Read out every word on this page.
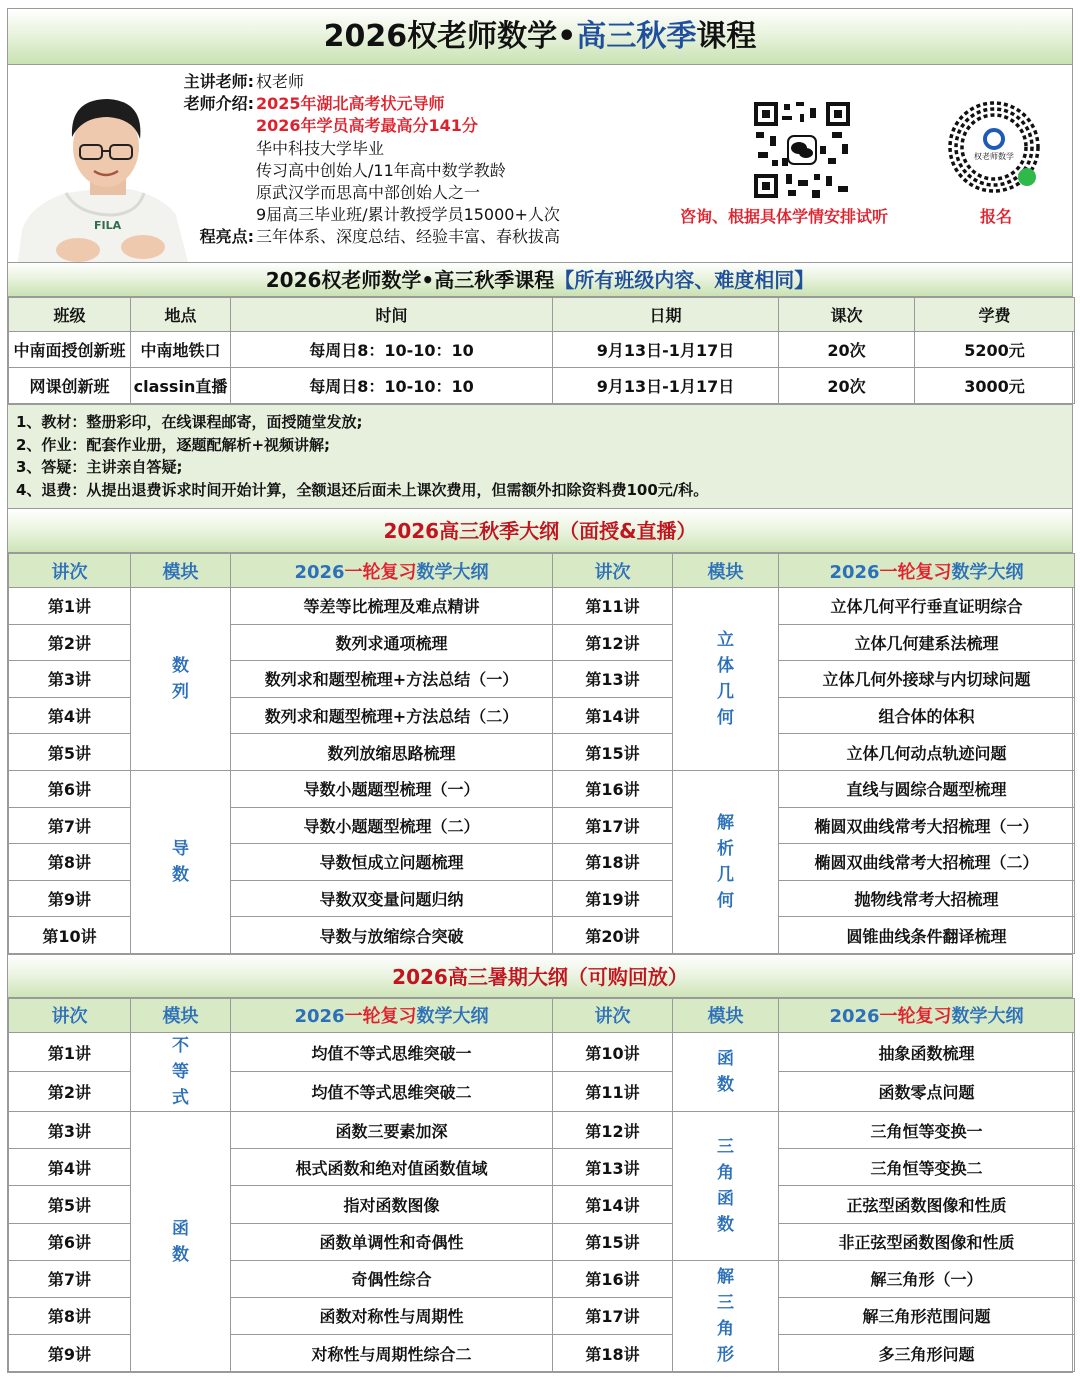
2026权老师数学•高三秋季课程
FILA
主讲老师: 权老师
老师介绍: 2025年湖北高考状元导师
2026年学员高考最高分141分
华中科技大学毕业
传习高中创始人/11年高中数学教龄
原武汉学而思高中部创始人之一
9届高三毕业班/累计教授学员15000+人次
程亮点: 三年体系、深度总结、经验丰富、春秋拔高
咨询、根据具体学情安排试听
权老师数学
报名
2026权老师数学•高三秋季课程【所有班级内容、难度相同】
班级	地点	时间	日期	课次	学费
中南面授创新班	中南地铁口	每周日8：10-10：10	9月13日-1月17日	20次	5200元
网课创新班	classin直播	每周日8：10-10：10	9月13日-1月17日	20次	3000元
1、教材：整册彩印，在线课程邮寄，面授随堂发放;
2、作业：配套作业册，逐题配解析+视频讲解;
3、答疑：主讲亲自答疑;
4、退费：从提出退费诉求时间开始计算，全额退还后面未上课次费用，但需额外扣除资料费100元/科。
2026高三秋季大纲（面授&直播）
讲次	模块	2026一轮复习数学大纲	讲次	模块	2026一轮复习数学大纲
第1讲	数列	等差等比梳理及难点精讲	第11讲	立体几何	立体几何平行垂直证明综合
第2讲		数列求通项梳理	第12讲		立体几何建系法梳理
第3讲		数列求和题型梳理+方法总结（一）	第13讲		立体几何外接球与内切球问题
第4讲		数列求和题型梳理+方法总结（二）	第14讲		组合体的体积
第5讲		数列放缩思路梳理	第15讲		立体几何动点轨迹问题
第6讲	导数	导数小题题型梳理（一）	第16讲	解析几何	直线与圆综合题型梳理
第7讲		导数小题题型梳理（二）	第17讲		椭圆双曲线常考大招梳理（一）
第8讲		导数恒成立问题梳理	第18讲		椭圆双曲线常考大招梳理（二）
第9讲		导数双变量问题归纳	第19讲		抛物线常考大招梳理
第10讲		导数与放缩综合突破	第20讲		圆锥曲线条件翻译梳理
2026高三暑期大纲（可购回放）
讲次	模块	2026一轮复习数学大纲	讲次	模块	2026一轮复习数学大纲
第1讲	不等式	均值不等式思维突破一	第10讲	函数	抽象函数梳理
第2讲		均值不等式思维突破二	第11讲		函数零点问题
第3讲	函数	函数三要素加深	第12讲	三角函数	三角恒等变换一
第4讲		根式函数和绝对值函数值域	第13讲		三角恒等变换二
第5讲		指对函数图像	第14讲		正弦型函数图像和性质
第6讲		函数单调性和奇偶性	第15讲		非正弦型函数图像和性质
第7讲		奇偶性综合	第16讲	解三角形	解三角形（一）
第8讲		函数对称性与周期性	第17讲		解三角形范围问题
第9讲		对称性与周期性综合二	第18讲		多三角形问题
